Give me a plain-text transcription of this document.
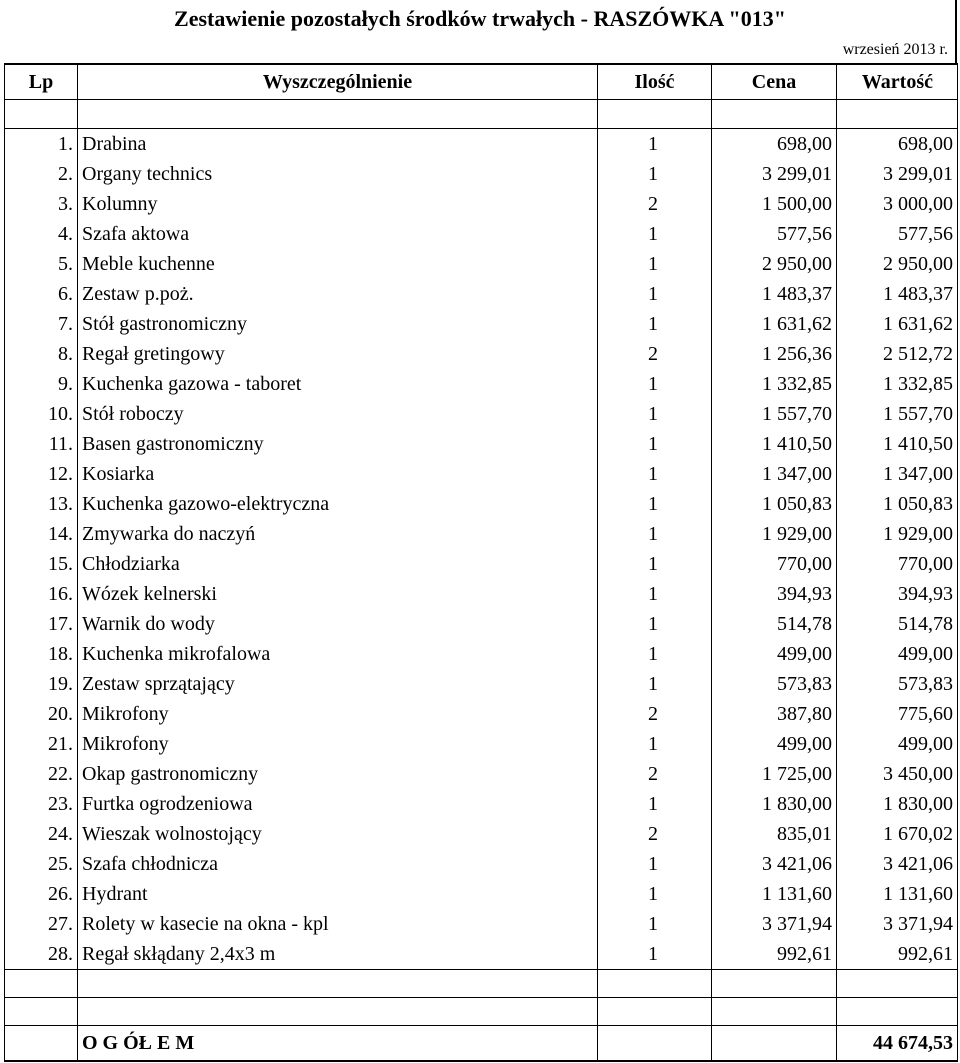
Zestawienie pozostałych środków trwałych - RASZÓWKA "013"
wrzesień 2013 r.
Lp	Wyszczególnienie	Ilość	Cena	Wartość

1.	Drabina	1	698,00	698,00
2.	Organy technics	1	3 299,01	3 299,01
3.	Kolumny	2	1 500,00	3 000,00
4.	Szafa aktowa	1	577,56	577,56
5.	Meble kuchenne	1	2 950,00	2 950,00
6.	Zestaw p.poż.	1	1 483,37	1 483,37
7.	Stół gastronomiczny	1	1 631,62	1 631,62
8.	Regał gretingowy	2	1 256,36	2 512,72
9.	Kuchenka gazowa - taboret	1	1 332,85	1 332,85
10.	Stół roboczy	1	1 557,70	1 557,70
11.	Basen gastronomiczny	1	1 410,50	1 410,50
12.	Kosiarka	1	1 347,00	1 347,00
13.	Kuchenka gazowo-elektryczna	1	1 050,83	1 050,83
14.	Zmywarka do naczyń	1	1 929,00	1 929,00
15.	Chłodziarka	1	770,00	770,00
16.	Wózek kelnerski	1	394,93	394,93
17.	Warnik do wody	1	514,78	514,78
18.	Kuchenka mikrofalowa	1	499,00	499,00
19.	Zestaw sprzątający	1	573,83	573,83
20.	Mikrofony	2	387,80	775,60
21.	Mikrofony	1	499,00	499,00
22.	Okap gastronomiczny	2	1 725,00	3 450,00
23.	Furtka ogrodzeniowa	1	1 830,00	1 830,00
24.	Wieszak wolnostojący	2	835,01	1 670,02
25.	Szafa chłodnicza	1	3 421,06	3 421,06
26.	Hydrant	1	1 131,60	1 131,60
27.	Rolety w kasecie na okna - kpl	1	3 371,94	3 371,94
28.	Regał skłądany 2,4x3 m	1	992,61	992,61

	O G ÓŁ E M			44 674,53
